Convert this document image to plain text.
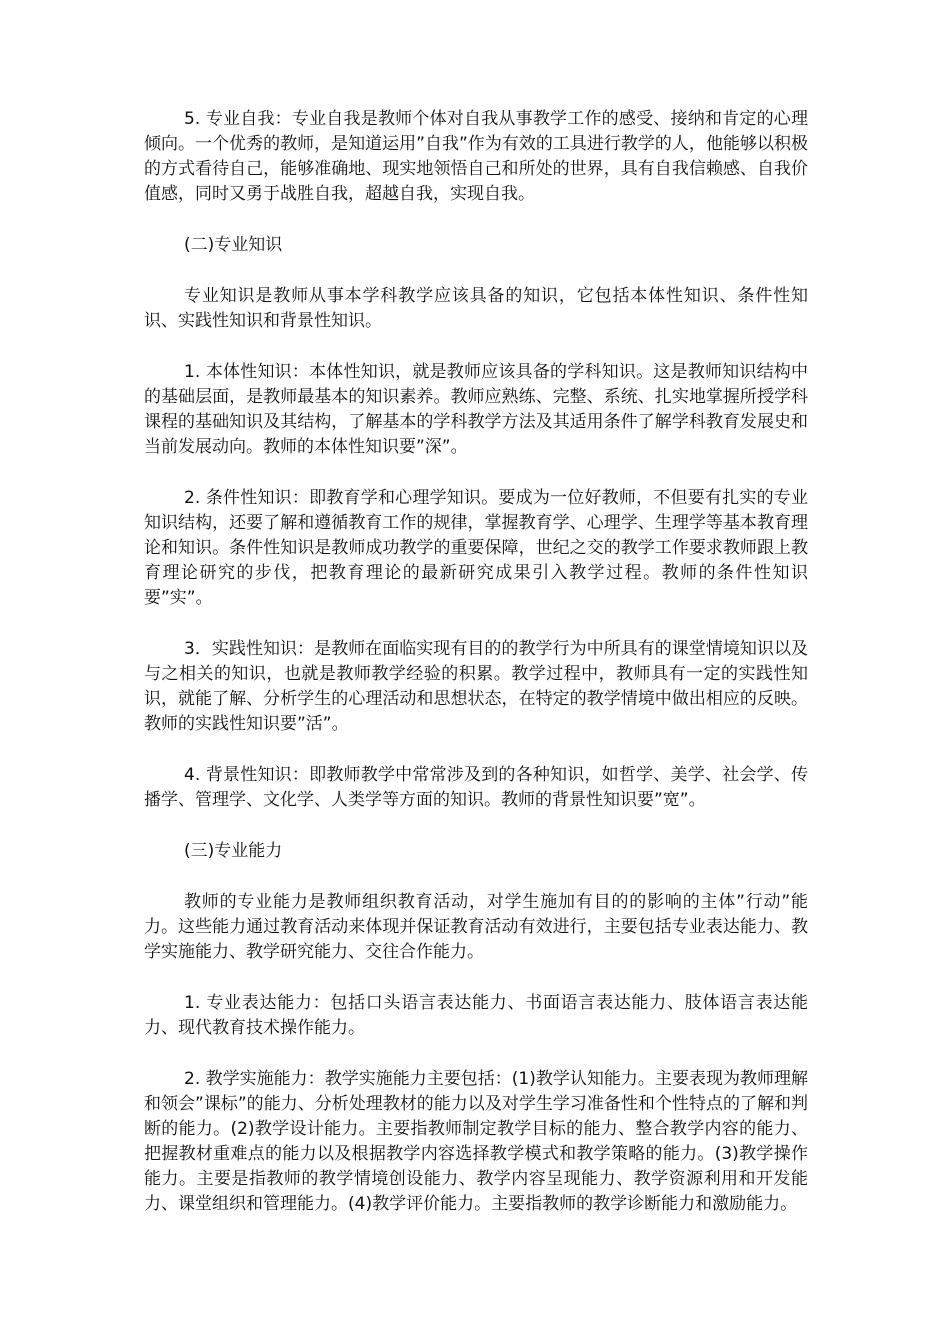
5. 专业自我：专业自我是教师个体对自我从事教学工作的感受、接纳和肯定的心理倾向。一个优秀的教师，是知道运用”自我”作为有效的工具进行教学的人，他能够以积极的方式看待自己，能够准确地、现实地领悟自己和所处的世界，具有自我信赖感、自我价值感，同时又勇于战胜自我，超越自我，实现自我。

(二)专业知识

专业知识是教师从事本学科教学应该具备的知识，它包括本体性知识、条件性知识、实践性知识和背景性知识。

1. 本体性知识：本体性知识，就是教师应该具备的学科知识。这是教师知识结构中的基础层面，是教师最基本的知识素养。教师应熟练、完整、系统、扎实地掌握所授学科课程的基础知识及其结构，了解基本的学科教学方法及其适用条件了解学科教育发展史和当前发展动向。教师的本体性知识要”深”。

2. 条件性知识：即教育学和心理学知识。要成为一位好教师，不但要有扎实的专业知识结构，还要了解和遵循教育工作的规律，掌握教育学、心理学、生理学等基本教育理论和知识。条件性知识是教师成功教学的重要保障，世纪之交的教学工作要求教师跟上教育理论研究的步伐，把教育理论的最新研究成果引入教学过程。教师的条件性知识要”实”。

3．实践性知识：是教师在面临实现有目的的教学行为中所具有的课堂情境知识以及与之相关的知识，也就是教师教学经验的积累。教学过程中，教师具有一定的实践性知识，就能了解、分析学生的心理活动和思想状态，在特定的教学情境中做出相应的反映。教师的实践性知识要”活”。

4. 背景性知识：即教师教学中常常涉及到的各种知识，如哲学、美学、社会学、传播学、管理学、文化学、人类学等方面的知识。教师的背景性知识要”宽”。

(三)专业能力

教师的专业能力是教师组织教育活动，对学生施加有目的的影响的主体”行动”能力。这些能力通过教育活动来体现并保证教育活动有效进行，主要包括专业表达能力、教学实施能力、教学研究能力、交往合作能力。

1. 专业表达能力：包括口头语言表达能力、书面语言表达能力、肢体语言表达能力、现代教育技术操作能力。

2. 教学实施能力：教学实施能力主要包括：(1)教学认知能力。主要表现为教师理解和领会”课标”的能力、分析处理教材的能力以及对学生学习准备性和个性特点的了解和判断的能力。(2)教学设计能力。主要指教师制定教学目标的能力、整合教学内容的能力、把握教材重难点的能力以及根据教学内容选择教学模式和教学策略的能力。(3)教学操作能力。主要是指教师的教学情境创设能力、教学内容呈现能力、教学资源利用和开发能力、课堂组织和管理能力。(4)教学评价能力。主要指教师的教学诊断能力和激励能力。
